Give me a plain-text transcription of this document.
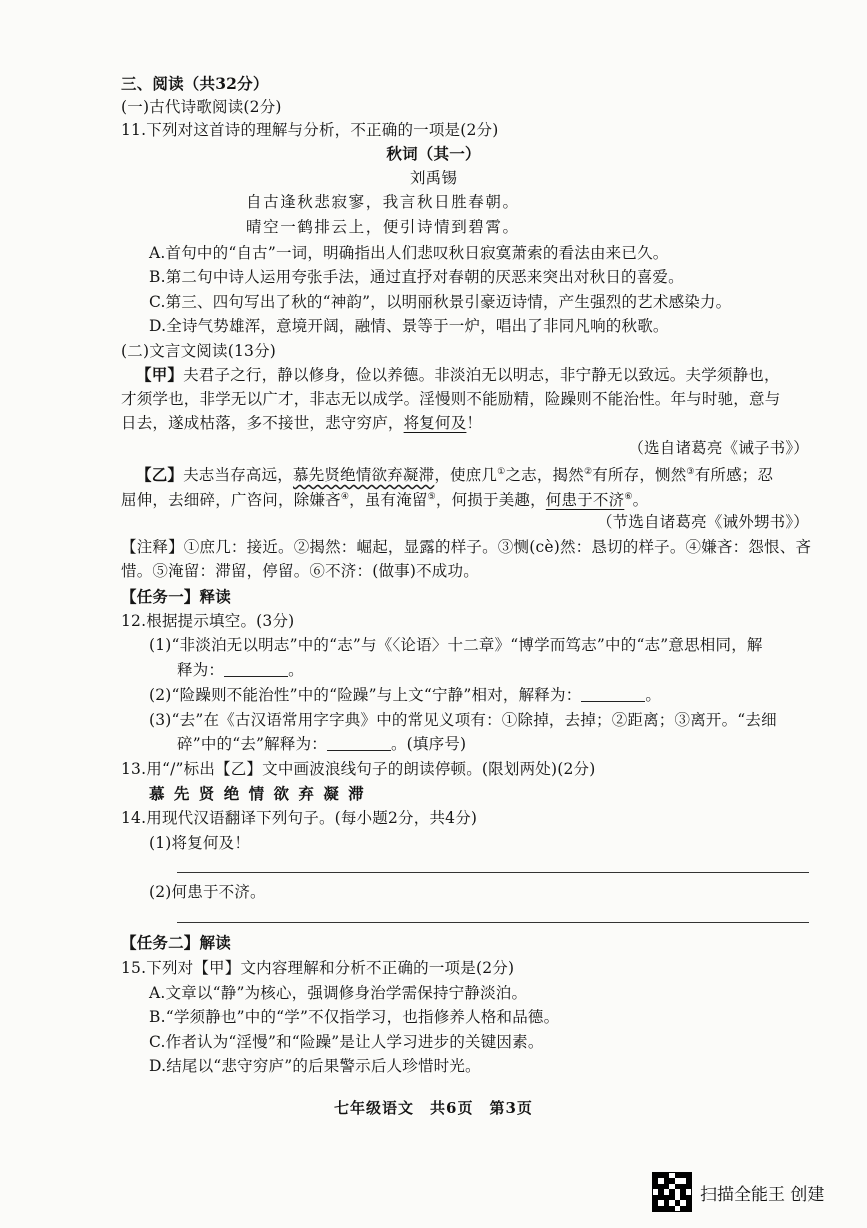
三、阅读（共32分）
(一)古代诗歌阅读(2分)
11.下列对这首诗的理解与分析，不正确的一项是(2分)
秋词（其一）
刘禹锡
自古逢秋悲寂寥，我言秋日胜春朝。
晴空一鹤排云上，便引诗情到碧霄。
A.首句中的“自古”一词，明确指出人们悲叹秋日寂寞萧索的看法由来已久。
B.第二句中诗人运用夸张手法，通过直抒对春朝的厌恶来突出对秋日的喜爱。
C.第三、四句写出了秋的“神韵”，以明丽秋景引豪迈诗情，产生强烈的艺术感染力。
D.全诗气势雄浑，意境开阔，融情、景等于一炉，唱出了非同凡响的秋歌。
(二)文言文阅读(13分)
【甲】夫君子之行，静以修身，俭以养德。非淡泊无以明志，非宁静无以致远。夫学须静也，
才须学也，非学无以广才，非志无以成学。淫慢则不能励精，险躁则不能治性。年与时驰，意与
日去，遂成枯落，多不接世，悲守穷庐，将复何及！
（选自诸葛亮《诫子书》）
【乙】夫志当存高远，慕先贤绝情欲弃凝滞，使庶几①之志，揭然②有所存，恻然③有所感；忍
屈伸，去细碎，广咨问，除嫌吝④，虽有淹留⑤，何损于美趣，何患于不济⑥。
（节选自诸葛亮《诫外甥书》）
【注释】①庶几：接近。②揭然：崛起，显露的样子。③恻(cè)然：恳切的样子。④嫌吝：怨恨、吝
惜。⑤淹留：滞留，停留。⑥不济：(做事)不成功。
【任务一】释读
12.根据提示填空。(3分)
(1)“非淡泊无以明志”中的“志”与《〈论语〉十二章》“博学而笃志”中的“志”意思相同，解
释为：	。
(2)“险躁则不能治性”中的“险躁”与上文“宁静”相对，解释为：	。
(3)“去”在《古汉语常用字字典》中的常见义项有：①除掉，去掉；②距离；③离开。“去细
碎”中的“去”解释为：	。(填序号)
13.用“/”标出【乙】文中画波浪线句子的朗读停顿。(限划两处)(2分)
慕 先 贤 绝 情 欲 弃 凝 滞
14.用现代汉语翻译下列句子。(每小题2分，共4分)
(1)将复何及！
(2)何患于不济。
【任务二】解读
15.下列对【甲】文内容理解和分析不正确的一项是(2分)
A.文章以“静”为核心，强调修身治学需保持宁静淡泊。
B.“学须静也”中的“学”不仅指学习，也指修养人格和品德。
C.作者认为“淫慢”和“险躁”是让人学习进步的关键因素。
D.结尾以“悲守穷庐”的后果警示后人珍惜时光。
七年级语文　共6页　第3页
扫描全能王 创建
